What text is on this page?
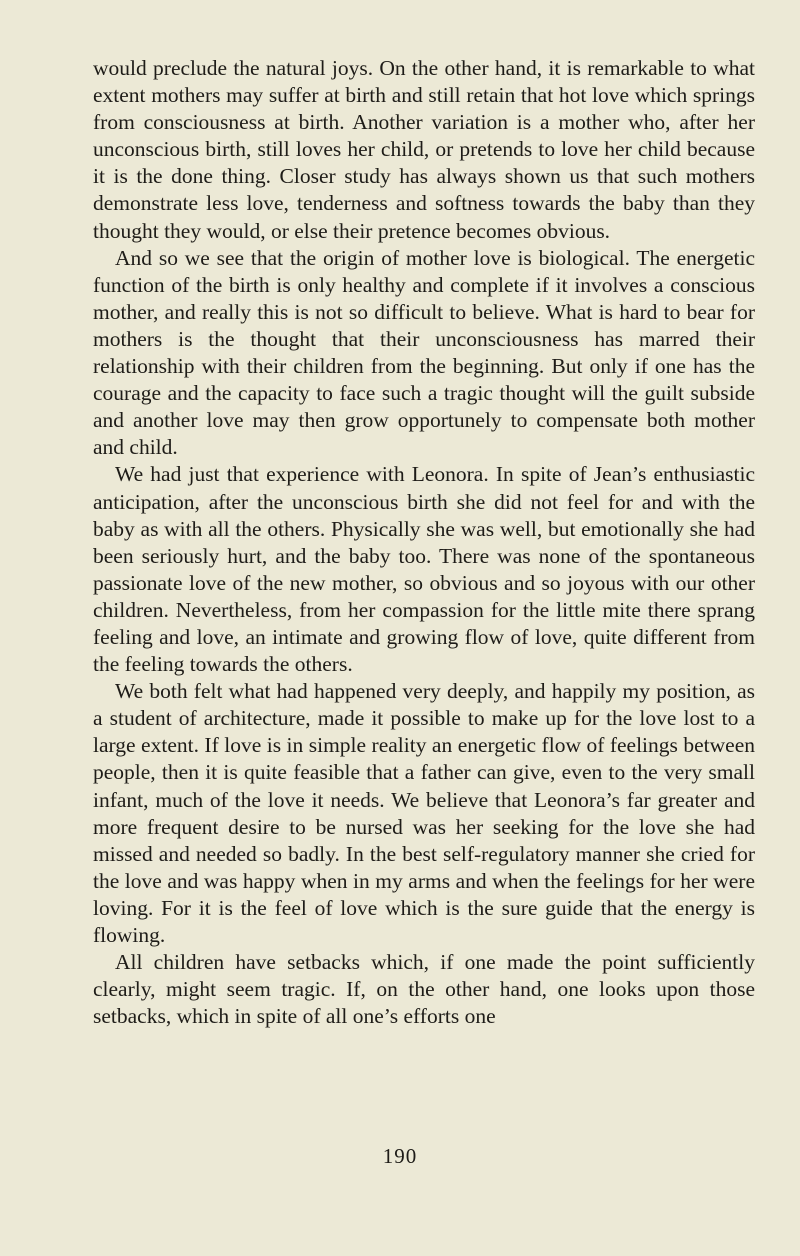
would preclude the natural joys. On the other hand, it is remarkable to what extent mothers may suffer at birth and still retain that hot love which springs from consciousness at birth. Another variation is a mother who, after her unconscious birth, still loves her child, or pretends to love her child because it is the done thing. Closer study has always shown us that such mothers demonstrate less love, tenderness and softness towards the baby than they thought they would, or else their pretence becomes obvious.

And so we see that the origin of mother love is biological. The energetic function of the birth is only healthy and complete if it involves a conscious mother, and really this is not so difficult to believe. What is hard to bear for mothers is the thought that their unconsciousness has marred their relationship with their children from the beginning. But only if one has the courage and the capacity to face such a tragic thought will the guilt subside and another love may then grow opportunely to compensate both mother and child.

We had just that experience with Leonora. In spite of Jean’s enthusiastic anticipation, after the unconscious birth she did not feel for and with the baby as with all the others. Physically she was well, but emotionally she had been seriously hurt, and the baby too. There was none of the spontaneous passionate love of the new mother, so obvious and so joyous with our other children. Nevertheless, from her compassion for the little mite there sprang feeling and love, an intimate and growing flow of love, quite different from the feeling towards the others.

We both felt what had happened very deeply, and happily my position, as a student of architecture, made it possible to make up for the love lost to a large extent. If love is in simple reality an energetic flow of feelings between people, then it is quite feasible that a father can give, even to the very small infant, much of the love it needs. We believe that Leonora’s far greater and more frequent desire to be nursed was her seeking for the love she had missed and needed so badly. In the best self-regulatory manner she cried for the love and was happy when in my arms and when the feelings for her were loving. For it is the feel of love which is the sure guide that the energy is flowing.

All children have setbacks which, if one made the point sufficiently clearly, might seem tragic. If, on the other hand, one looks upon those setbacks, which in spite of all one’s efforts one

190
